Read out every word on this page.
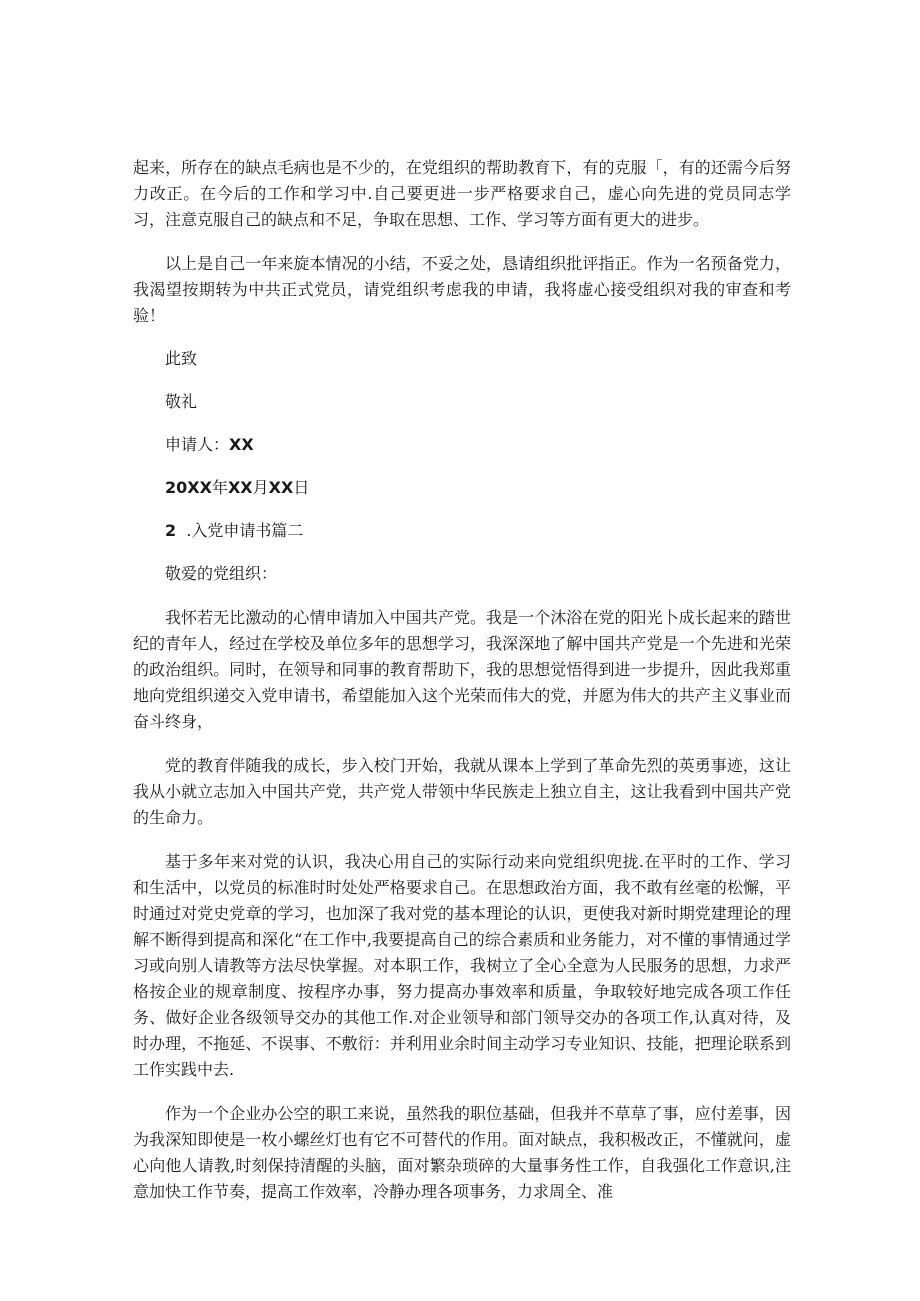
起来，所存在的缺点毛病也是不少的，在党组织的帮助教育下，有的克服「，有的还需今后努力改正。在今后的工作和学习中.自己要更进一步严格要求自己，虚心向先进的党员同志学习，注意克服自己的缺点和不足，争取在思想、工作、学习等方面有更大的进步。

以上是自己一年来旋本情况的小结，不妥之处，恳请组织批评指正。作为一名预备党力，我渴望按期转为中共正式党员，请党组织考虑我的申请，我将虚心接受组织对我的审查和考验！

此致

敬礼

申请人：XX

20XX年XX月XX日

2 .入党申请书篇二

敬爱的党组织：

我怀若无比激动的心情申请加入中国共产党。我是一个沐浴在党的阳光卜成长起来的踏世纪的青年人，经过在学校及单位多年的思想学习，我深深地了解中国共产党是一个先进和光荣的政治组织。同时，在领导和同事的教育帮助下，我的思想觉悟得到进一步提升，因此我郑重地向党组织递交入党申请书，希望能加入这个光荣而伟大的党，并愿为伟大的共产主义事业而奋斗终身，

党的教育伴随我的成长，步入校门开始，我就从课本上学到了革命先烈的英勇事迹，这让我从小就立志加入中国共产党，共产党人带领中华民族走上独立自主，这让我看到中国共产党的生命力。

基于多年来对党的认识，我决心用自己的实际行动来向党组织兜拢.在平时的工作、学习和生活中，以党员的标准时时处处严格要求自己。在思想政治方面，我不敢有丝毫的松懈，平时通过对党史党章的学习，也加深了我对党的基本理论的认识，更使我对新时期党建理论的理解不断得到提高和深化“在工作中,我要提高自己的综合素质和业务能力，对不懂的事情通过学习或向别人请教等方法尽快掌握。对本职工作，我树立了全心全意为人民服务的思想，力求严格按企业的规章制度、按程序办事，努力提高办事效率和质量，争取较好地完成各项工作任务、做好企业各级领导交办的其他工作.对企业领导和部门领导交办的各项工作,认真对待，及时办理，不拖延、不误事、不敷衍：并利用业余时间主动学习专业知识、技能，把理论联系到工作实践中去.

作为一个企业办公空的职工来说，虽然我的职位基础，但我并不草草了事，应付差事，因为我深知即使是一枚小螺丝灯也有它不可替代的作用。面对缺点，我积极改正，不懂就问，虚心向他人请教,时刻保持清醒的头脑，面对繁杂琐碎的大量事务性工作，自我强化工作意识,注意加快工作节奏，提高工作效率，冷静办理各项事务，力求周全、准
